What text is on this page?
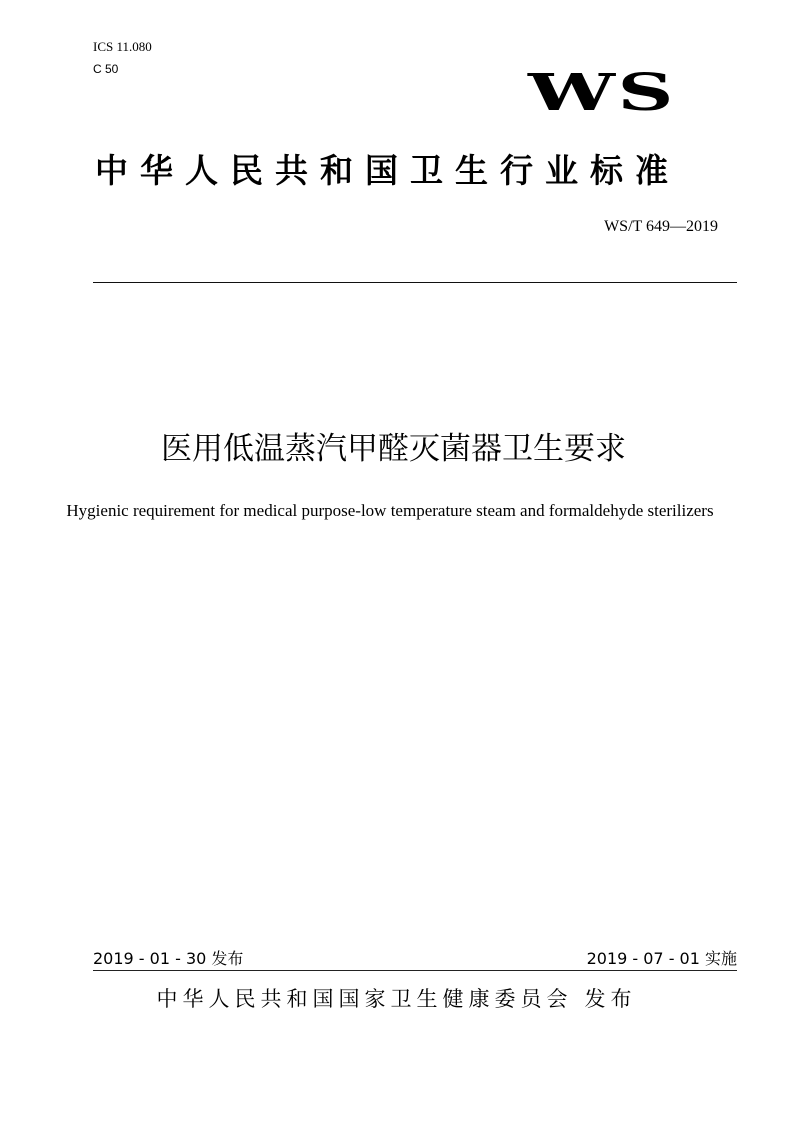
ICS 11.080
C 50	WS
中华人民共和国卫生行业标准
WS/T 649—2019
医用低温蒸汽甲醛灭菌器卫生要求
Hygienic requirement for medical purpose-low temperature steam and formaldehyde sterilizers
2019 - 01 - 30 发布	2019 - 07 - 01 实施
中华人民共和国国家卫生健康委员会 发布
